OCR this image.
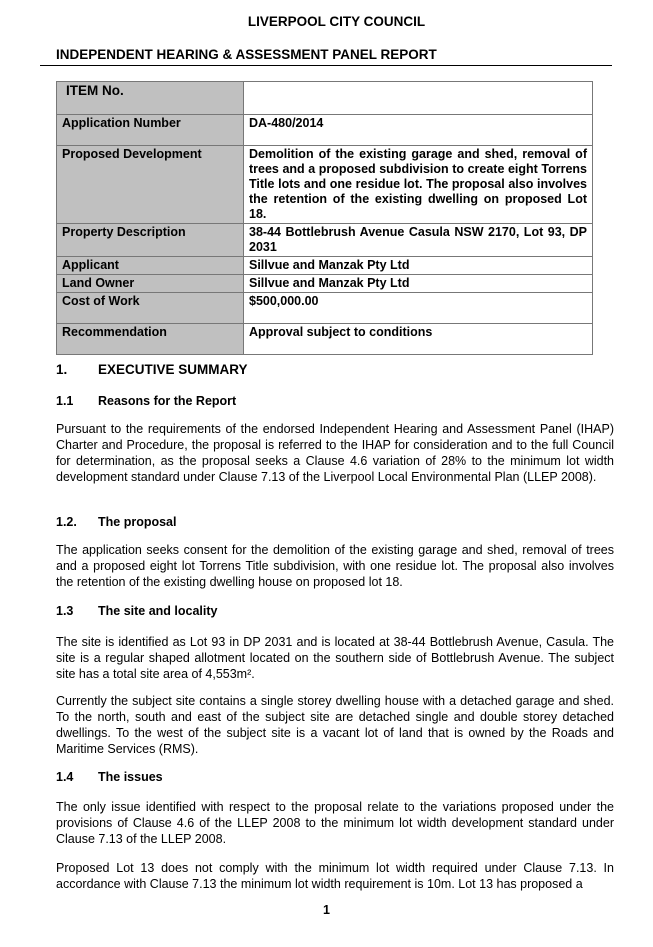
LIVERPOOL CITY COUNCIL
INDEPENDENT HEARING & ASSESSMENT PANEL REPORT
ITEM No.	
Application Number	DA-480/2014
Proposed Development	Demolition of the existing garage and shed, removal of trees and a proposed subdivision to create eight Torrens Title lots and one residue lot. The proposal also involves the retention of the existing dwelling on proposed Lot 18.
Property Description	38-44 Bottlebrush Avenue Casula NSW 2170, Lot 93, DP 2031
Applicant	Sillvue and Manzak Pty Ltd
Land Owner	Sillvue and Manzak Pty Ltd
Cost of Work	$500,000.00
Recommendation	Approval subject to conditions
1. EXECUTIVE SUMMARY
1.1 Reasons for the Report

Pursuant to the requirements of the endorsed Independent Hearing and Assessment Panel (IHAP) Charter and Procedure, the proposal is referred to the IHAP for consideration and to the full Council for determination, as the proposal seeks a Clause 4.6 variation of 28% to the minimum lot width development standard under Clause 7.13 of the Liverpool Local Environmental Plan (LLEP 2008).

1.2. The proposal

The application seeks consent for the demolition of the existing garage and shed, removal of trees and a proposed eight lot Torrens Title subdivision, with one residue lot. The proposal also involves the retention of the existing dwelling house on proposed lot 18.

1.3 The site and locality

The site is identified as Lot 93 in DP 2031 and is located at 38-44 Bottlebrush Avenue, Casula. The site is a regular shaped allotment located on the southern side of Bottlebrush Avenue. The subject site has a total site area of 4,553m².

Currently the subject site contains a single storey dwelling house with a detached garage and shed. To the north, south and east of the subject site are detached single and double storey detached dwellings. To the west of the subject site is a vacant lot of land that is owned by the Roads and Maritime Services (RMS).

1.4 The issues

The only issue identified with respect to the proposal relate to the variations proposed under the provisions of Clause 4.6 of the LLEP 2008 to the minimum lot width development standard under Clause 7.13 of the LLEP 2008.

Proposed Lot 13 does not comply with the minimum lot width required under Clause 7.13. In accordance with Clause 7.13 the minimum lot width requirement is 10m. Lot 13 has proposed a

1
